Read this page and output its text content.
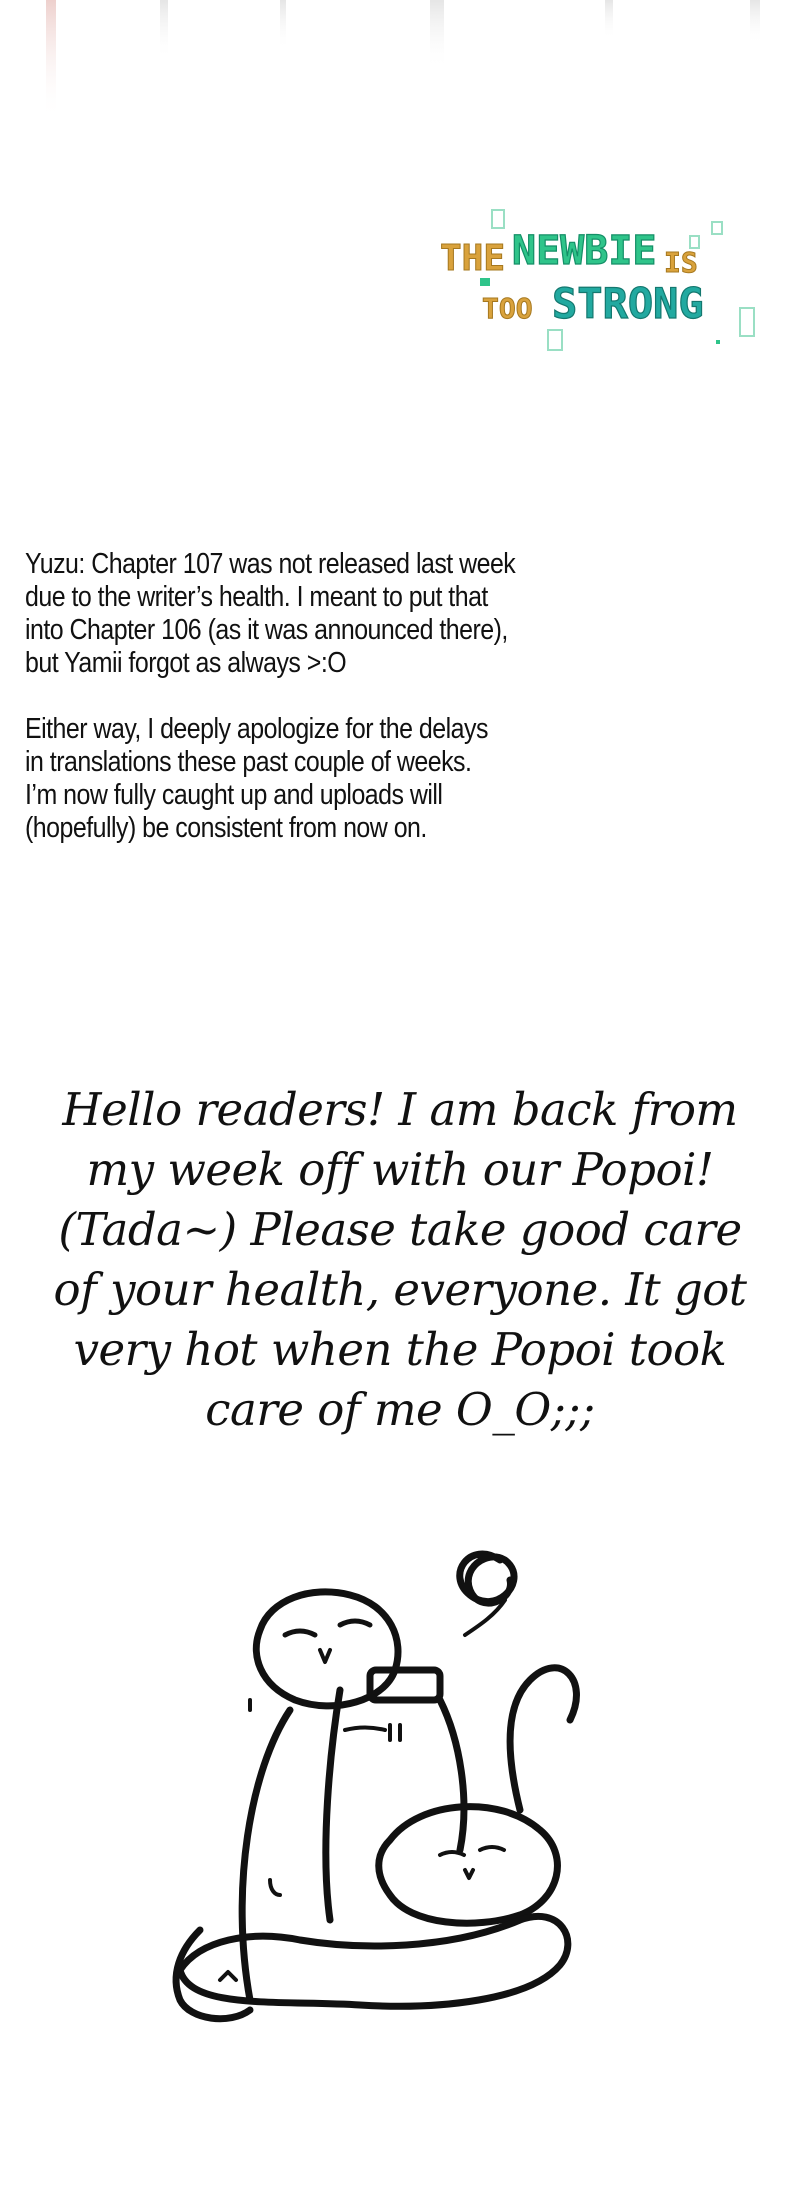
THE NEWBIE IS
TOO STRONG

Yuzu: Chapter 107 was not released last week
due to the writer’s health. I meant to put that
into Chapter 106 (as it was announced there),
but Yamii forgot as always >:O

Either way, I deeply apologize for the delays
in translations these past couple of weeks.
I’m now fully caught up and uploads will
(hopefully) be consistent from now on.

Hello readers! I am back from
my week off with our Popoi!
(Tada~) Please take good care
of your health, everyone. It got
very hot when the Popoi took
care of me O_O;;;
